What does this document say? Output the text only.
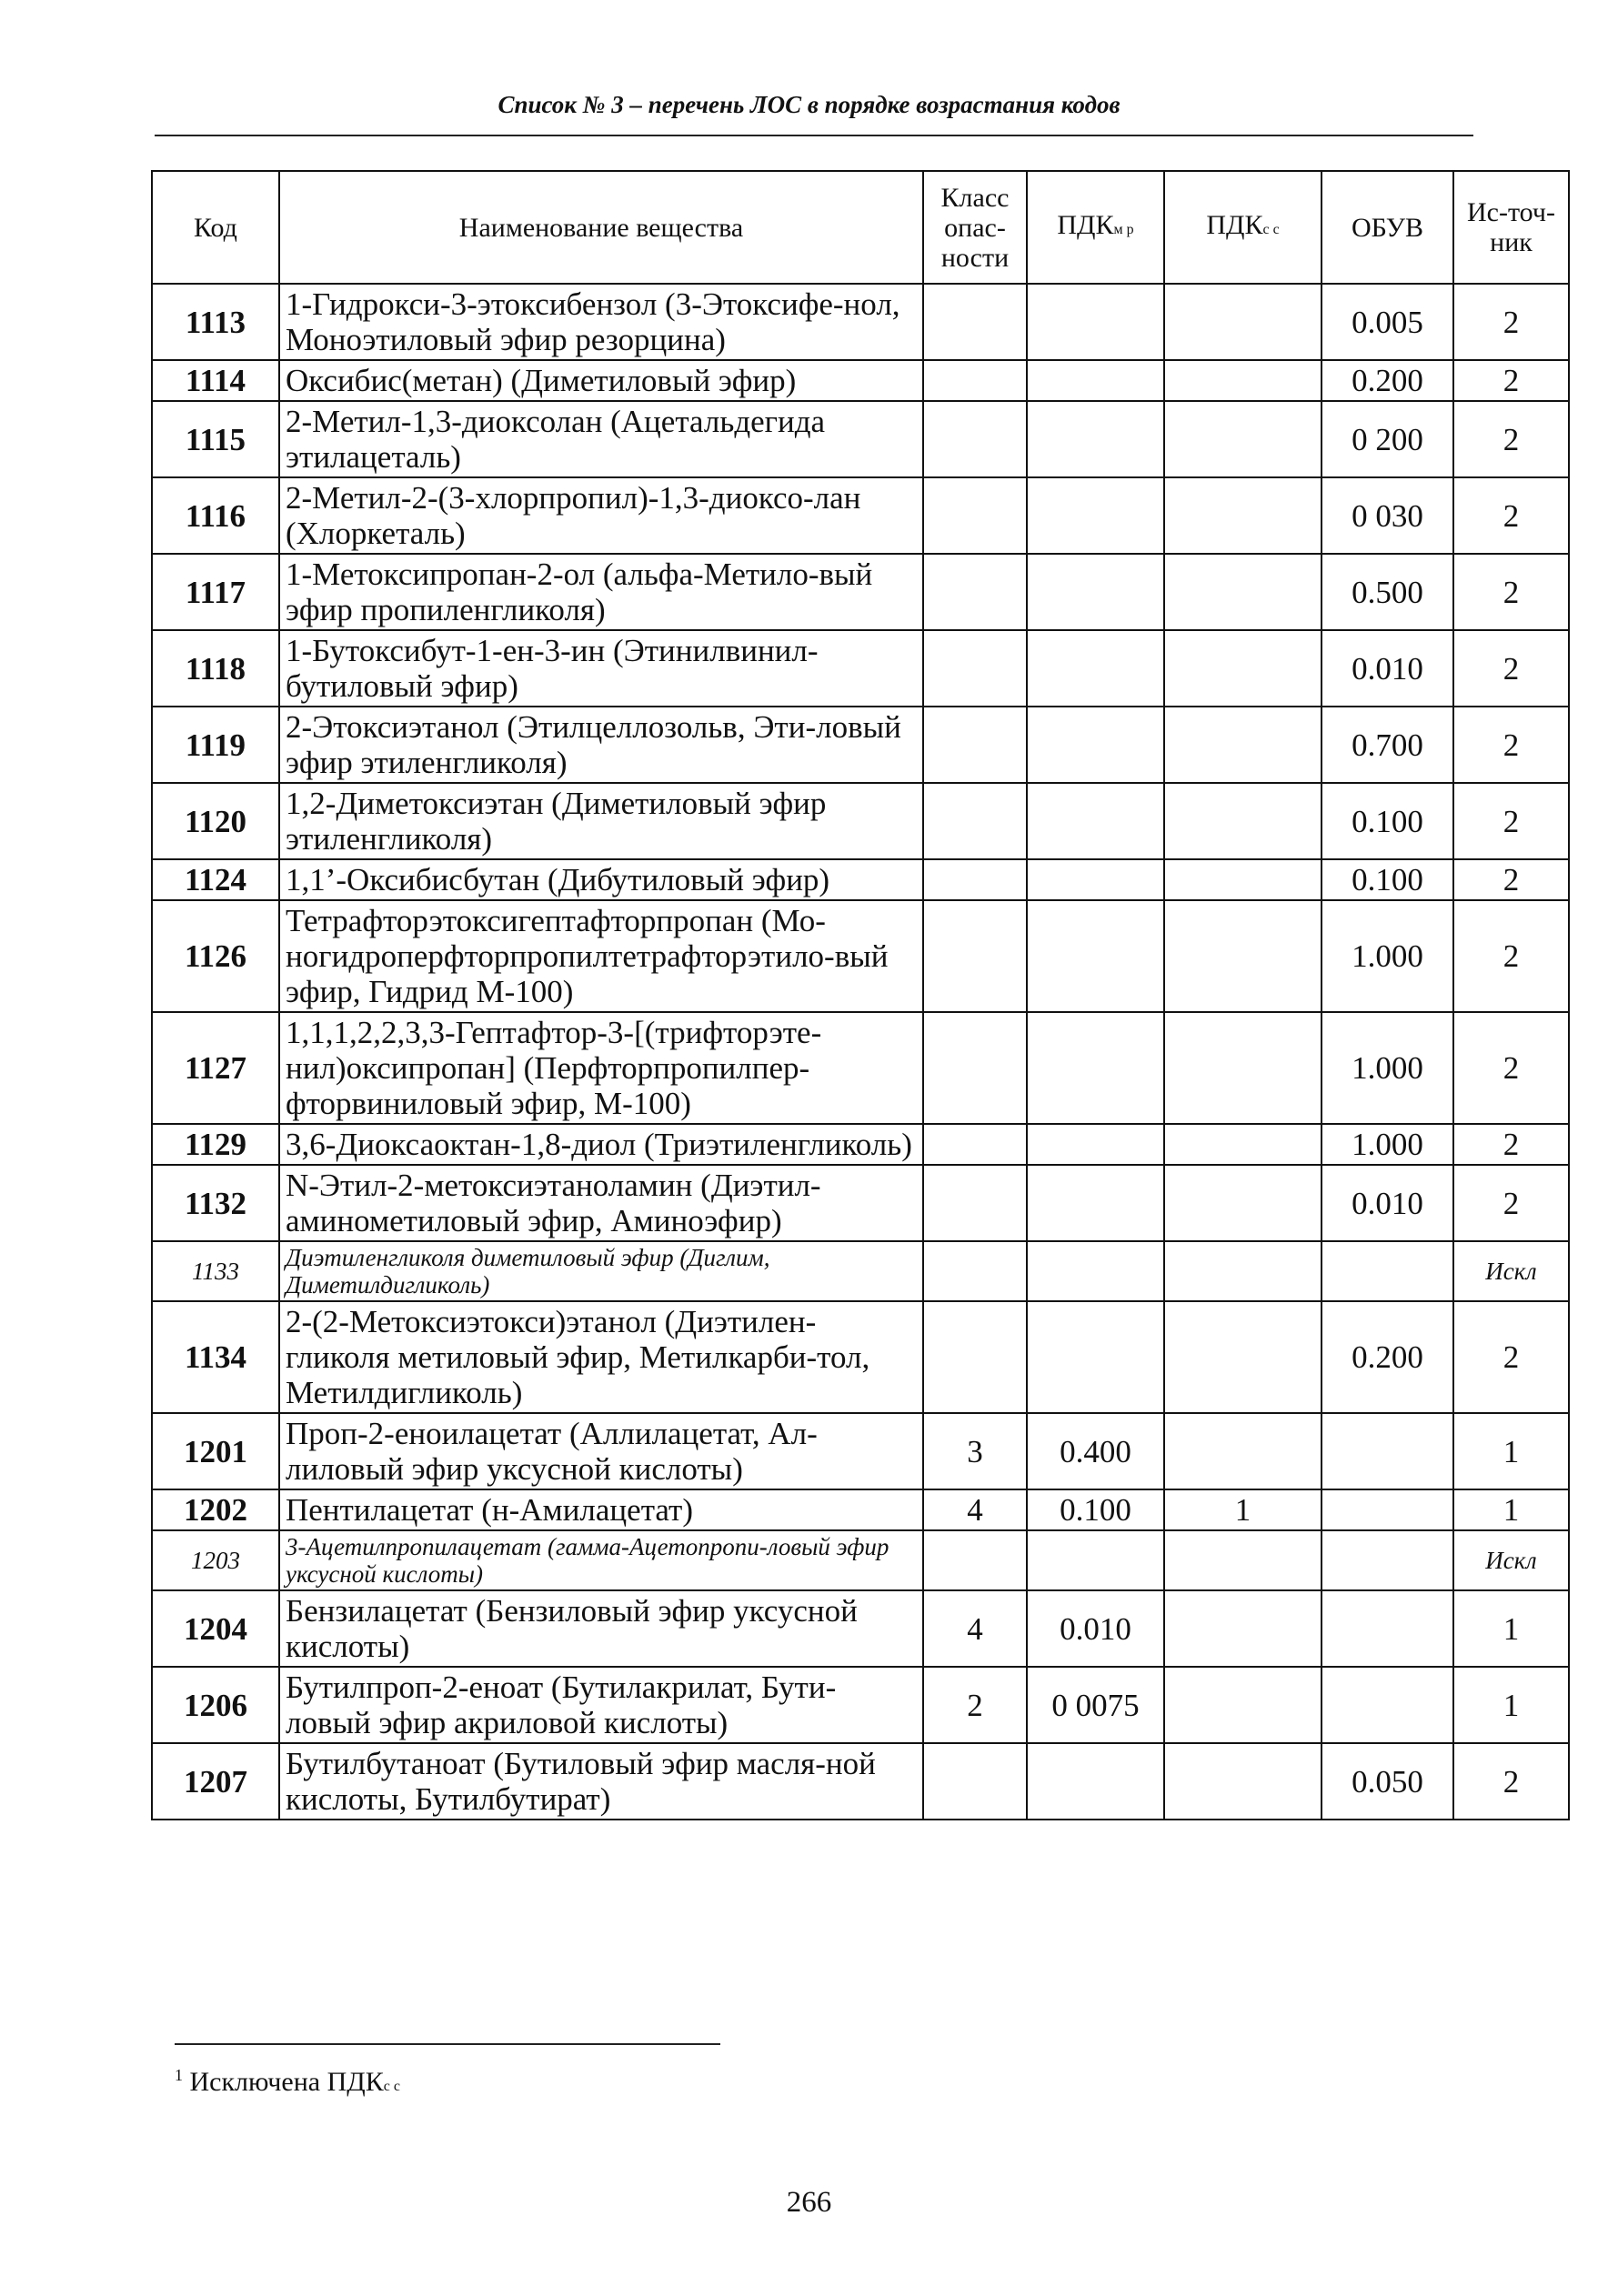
Список № 3 – перечень ЛОС в порядке возрастания кодов
Код	Наименование вещества	Класс опас-ности	ПДКм р	ПДКс с	ОБУВ	Ис-точ-ник
1113	1-Гидрокси-3-этоксибензол (3-Этоксифе-нол, Моноэтиловый эфир резорцина)				0.005	2
1114	Оксибис(метан) (Диметиловый эфир)				0.200	2
1115	2-Метил-1,3-диоксолан (Ацетальдегида этилацеталь)				0 200	2
1116	2-Метил-2-(3-хлорпропил)-1,3-диоксо-лан (Хлоркеталь)				0 030	2
1117	1-Метоксипропан-2-ол (альфа-Метило-вый эфир пропиленгликоля)				0.500	2
1118	1-Бутоксибут-1-ен-3-ин (Этинилвинил-бутиловый эфир)				0.010	2
1119	2-Этоксиэтанол (Этилцеллозольв, Эти-ловый эфир этиленгликоля)				0.700	2
1120	1,2-Диметоксиэтан (Диметиловый эфир этиленгликоля)				0.100	2
1124	1,1’-Оксибисбутан (Дибутиловый эфир)				0.100	2
1126	Тетрафторэтоксигептафторпропан (Мо-ногидроперфторпропилтетрафторэтило-вый эфир, Гидрид М-100)				1.000	2
1127	1,1,1,2,2,3,3-Гептафтор-3-[(трифторэте-нил)оксипропан] (Перфторпропилпер-фторвиниловый эфир, М-100)				1.000	2
1129	3,6-Диоксаоктан-1,8-диол (Триэтиленгликоль)				1.000	2
1132	N-Этил-2-метоксиэтаноламин (Диэтил-аминометиловый эфир, Аминоэфир)				0.010	2
1133	Диэтиленгликоля диметиловый эфир (Диглим, Диметилдигликоль)					Искл
1134	2-(2-Метоксиэтокси)этанол (Диэтилен-гликоля метиловый эфир, Метилкарби-тол, Метилдигликоль)				0.200	2
1201	Проп-2-еноилацетат (Аллилацетат, Ал-лиловый эфир уксусной кислоты)	3	0.400			1
1202	Пентилацетат (н-Амилацетат)	4	0.100	1		1
1203	3-Ацетилпропилацетат (гамма-Ацетопропи-ловый эфир уксусной кислоты)					Искл
1204	Бензилацетат (Бензиловый эфир уксусной кислоты)	4	0.010			1
1206	Бутилпроп-2-еноат (Бутилакрилат, Бути-ловый эфир акриловой кислоты)	2	0 0075			1
1207	Бутилбутаноат (Бутиловый эфир масля-ной кислоты, Бутилбутират)				0.050	2
$^1$ Исключена ПДКс с
266
